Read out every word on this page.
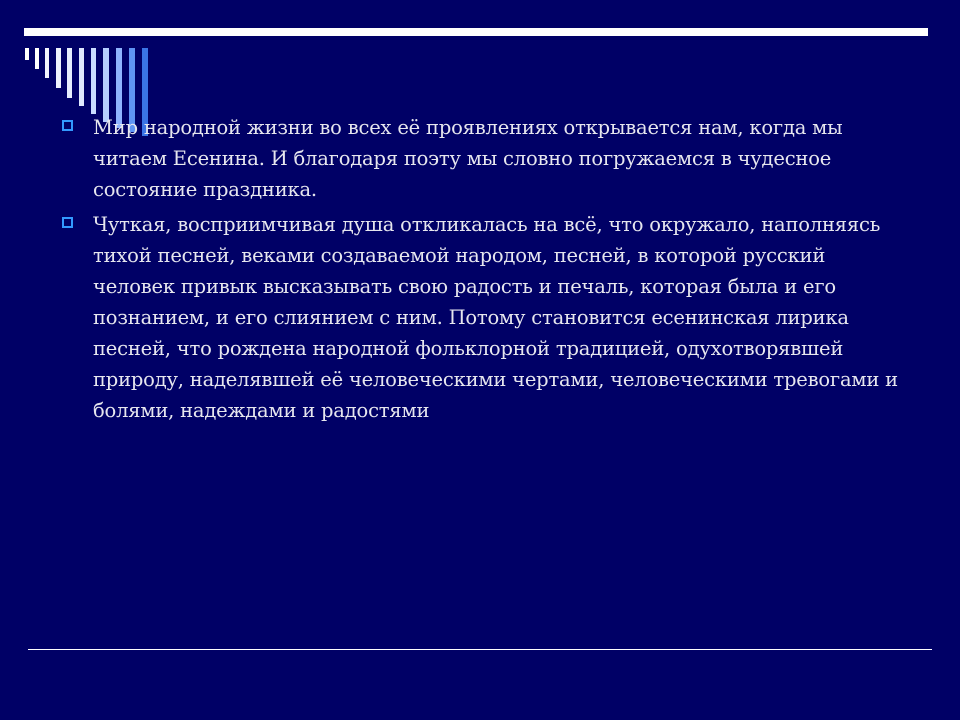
Мир народной жизни во всех её проявлениях открывается нам, когда мы читаем Есенина. И благодаря поэту мы словно погружаемся в чудесное состояние праздника.
Чуткая, восприимчивая душа откликалась на всё, что окружало, наполняясь тихой песней, веками создаваемой народом, песней, в которой русский человек привык высказывать свою радость и печаль, которая была и его познанием, и его слиянием с ним. Потому становится есенинская лирика песней, что рождена народной фольклорной традицией, одухотворявшей природу, наделявшей её человеческими чертами, человеческими тревогами и болями, надеждами и радостями
